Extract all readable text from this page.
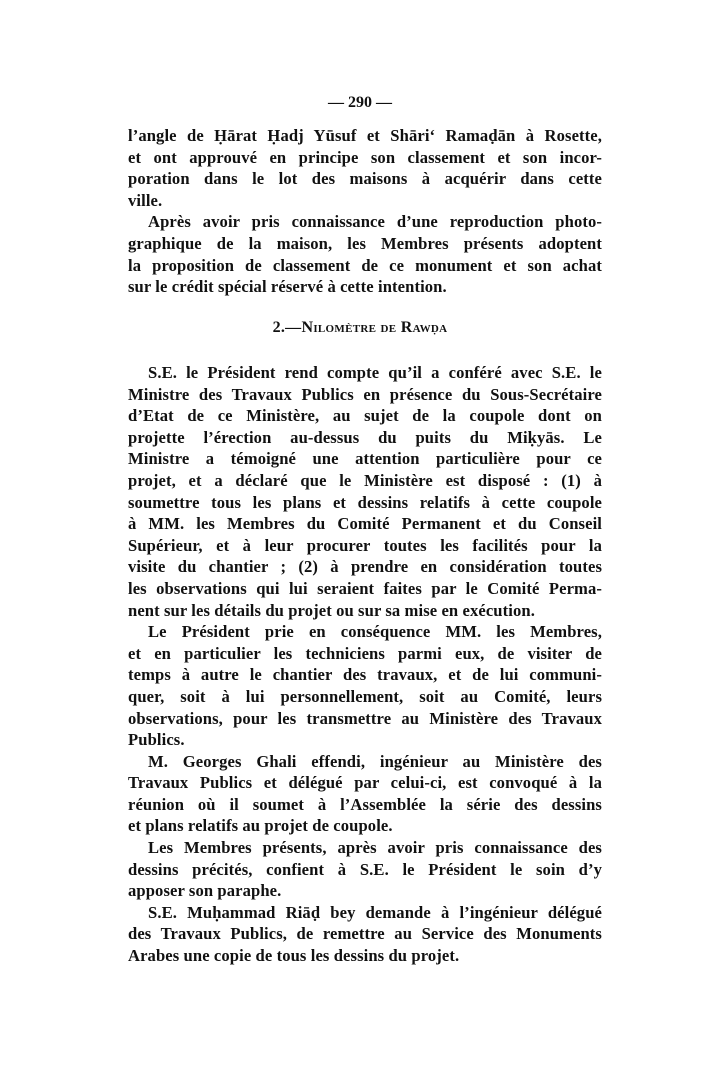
— 290 —
l’angle de Ḥārat Ḥadj Yūsuf et Shāri‘ Ramaḍān à Rosette,
et ont approuvé en principe son classement et son incor-
poration dans le lot des maisons à acquérir dans cette
ville.
Après avoir pris connaissance d’une reproduction photo-
graphique de la maison, les Membres présents adoptent
la proposition de classement de ce monument et son achat
sur le crédit spécial réservé à cette intention.
2.—Nilomètre de Rawḍa
S.E. le Président rend compte qu’il a conféré avec S.E. le
Ministre des Travaux Publics en présence du Sous-Secrétaire
d’Etat de ce Ministère, au sujet de la coupole dont on
projette l’érection au-dessus du puits du Miḳyās. Le
Ministre a témoigné une attention particulière pour ce
projet, et a déclaré que le Ministère est disposé : (1) à
soumettre tous les plans et dessins relatifs à cette coupole
à MM. les Membres du Comité Permanent et du Conseil
Supérieur, et à leur procurer toutes les facilités pour la
visite du chantier ; (2) à prendre en considération toutes
les observations qui lui seraient faites par le Comité Perma-
nent sur les détails du projet ou sur sa mise en exécution.
Le Président prie en conséquence MM. les Membres,
et en particulier les techniciens parmi eux, de visiter de
temps à autre le chantier des travaux, et de lui communi-
quer, soit à lui personnellement, soit au Comité, leurs
observations, pour les transmettre au Ministère des Travaux
Publics.
M. Georges Ghali effendi, ingénieur au Ministère des
Travaux Publics et délégué par celui-ci, est convoqué à la
réunion où il soumet à l’Assemblée la série des dessins
et plans relatifs au projet de coupole.
Les Membres présents, après avoir pris connaissance des
dessins précités, confient à S.E. le Président le soin d’y
apposer son paraphe.
S.E. Muḥammad Riāḍ bey demande à l’ingénieur délégué
des Travaux Publics, de remettre au Service des Monuments
Arabes une copie de tous les dessins du projet.
